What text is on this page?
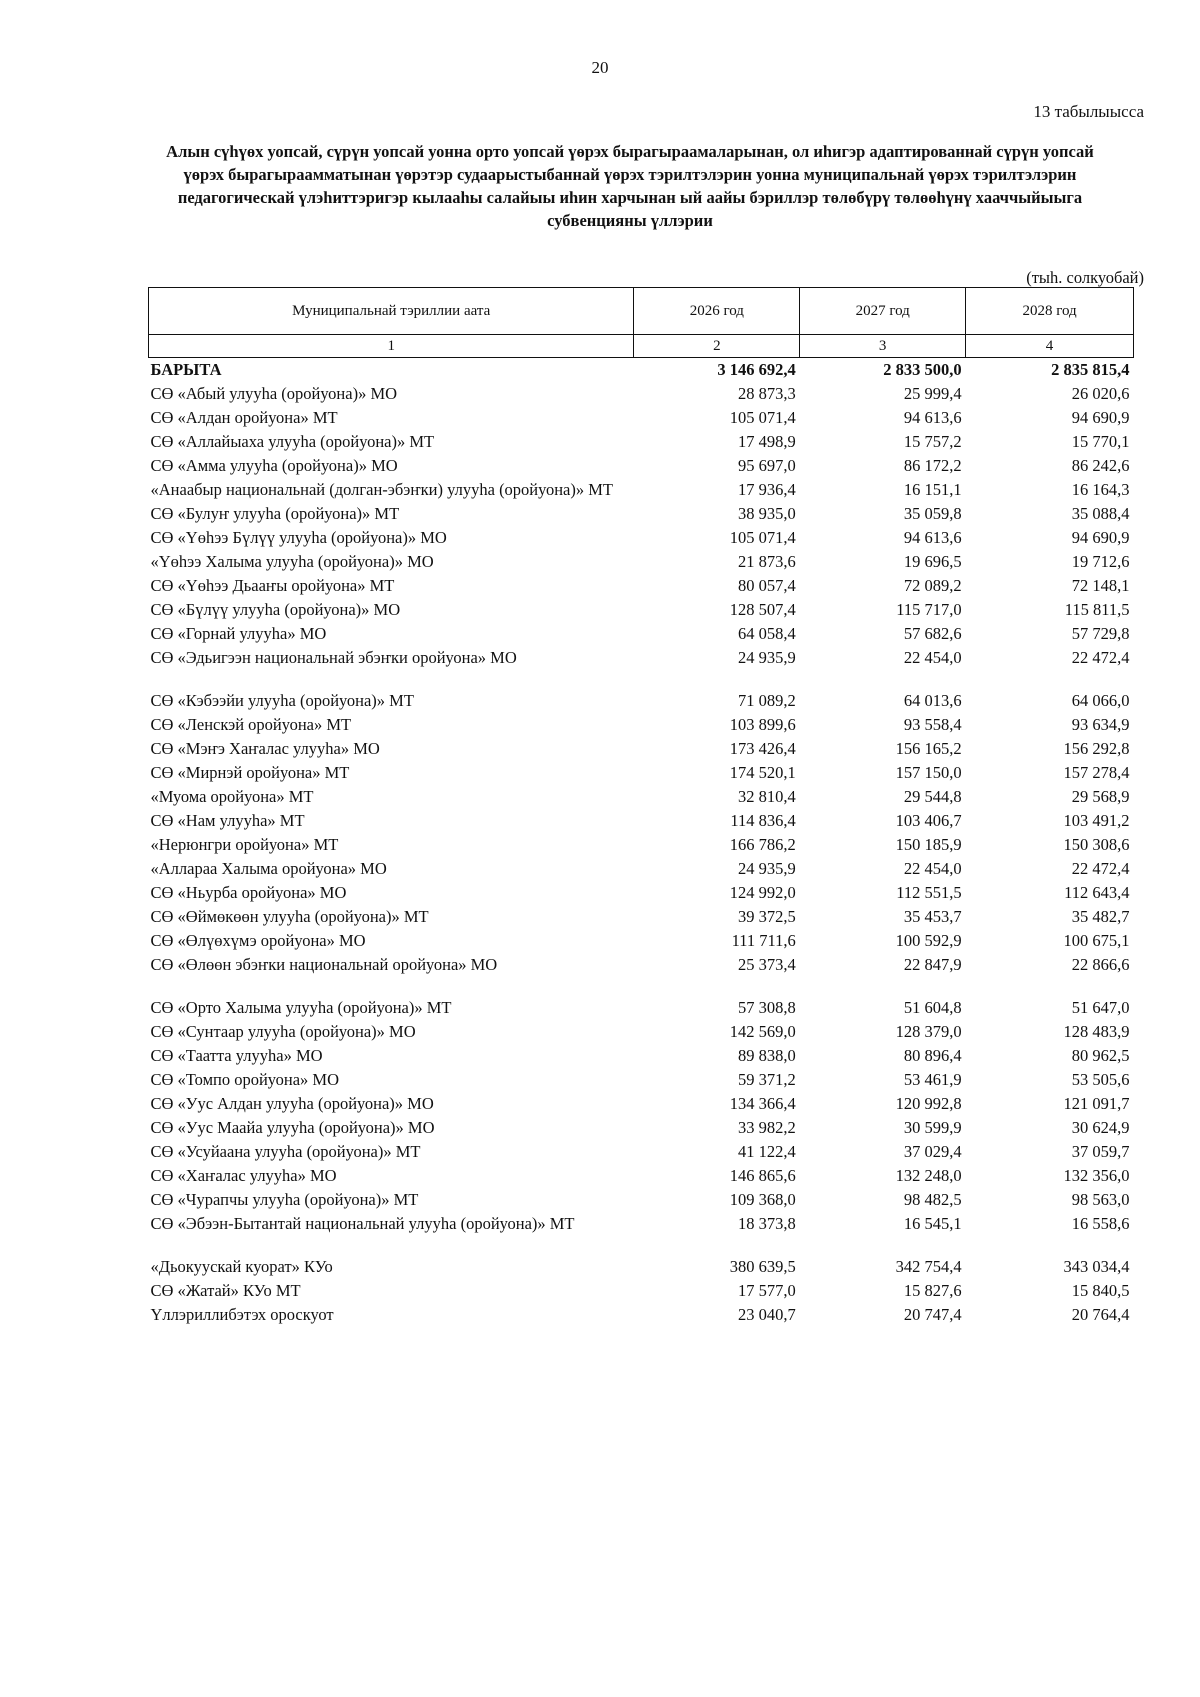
20
13 табылыысса
Алын сүһүөх уопсай, сүрүн уопсай уонна орто уопсай үөрэх бырагыраамаларынан, ол иһигэр адаптированнай сүрүн уопсай үөрэх бырагыраамматынан үөрэтэр судаарыстыбаннай үөрэх тэрилтэлэрин уонна муниципальнай үөрэх тэрилтэлэрин педагогическай үлэһиттэригэр кылааһы салайыы иһин харчынан ый аайы бэриллэр төлөбүрү төлөөһүнү хааччыйыыга субвенцияны үллэрии
(тыһ. солкуобай)
Муниципальнай тэриллии аата	2026 год	2027 год	2028 год
1	2	3	4
БАРЫТА	3 146 692,4	2 833 500,0	2 835 815,4
СӨ «Абый улууһа (оройуона)» МО	28 873,3	25 999,4	26 020,6
СӨ «Алдан оройуона» МТ	105 071,4	94 613,6	94 690,9
СӨ «Аллайыаха улууһа (оройуона)» МТ	17 498,9	15 757,2	15 770,1
СӨ «Амма улууһа (оройуона)» МО	95 697,0	86 172,2	86 242,6
«Анаабыр национальнай (долган-эбэҥки) улууһа (оройуона)» МТ	17 936,4	16 151,1	16 164,3
СӨ «Булуҥ улууһа (оройуона)» МТ	38 935,0	35 059,8	35 088,4
СӨ «Үөһээ Бүлүү улууһа (оройуона)» МО	105 071,4	94 613,6	94 690,9
«Үөһээ Халыма улууһа (оройуона)» МО	21 873,6	19 696,5	19 712,6
СӨ «Үөһээ Дьааҥы оройуона» МТ	80 057,4	72 089,2	72 148,1
СӨ «Бүлүү улууһа (оройуона)» МО	128 507,4	115 717,0	115 811,5
СӨ «Горнай улууһа» МО	64 058,4	57 682,6	57 729,8
СӨ «Эдьигээн национальнай эбэҥки оройуона» МО	24 935,9	22 454,0	22 472,4
СӨ «Кэбээйи улууһа (оройуона)» МТ	71 089,2	64 013,6	64 066,0
СӨ «Ленскэй оройуона» МТ	103 899,6	93 558,4	93 634,9
СӨ «Мэҥэ Хаҥалас улууһа» МО	173 426,4	156 165,2	156 292,8
СӨ «Мирнэй оройуона» МТ	174 520,1	157 150,0	157 278,4
«Муома оройуона» МТ	32 810,4	29 544,8	29 568,9
СӨ «Нам улууһа» МТ	114 836,4	103 406,7	103 491,2
«Нерюнгри оройуона» МТ	166 786,2	150 185,9	150 308,6
«Аллараа Халыма оройуона» МО	24 935,9	22 454,0	22 472,4
СӨ «Ньурба оройуона» МО	124 992,0	112 551,5	112 643,4
СӨ «Өймөкөөн улууһа (оройуона)» МТ	39 372,5	35 453,7	35 482,7
СӨ «Өлүөхүмэ оройуона» МО	111 711,6	100 592,9	100 675,1
СӨ «Өлөөн эбэҥки национальнай оройуона» МО	25 373,4	22 847,9	22 866,6
СӨ «Орто Халыма улууһа (оройуона)» МТ	57 308,8	51 604,8	51 647,0
СӨ «Сунтаар улууһа (оройуона)» МО	142 569,0	128 379,0	128 483,9
СӨ «Таатта улууһа» МО	89 838,0	80 896,4	80 962,5
СӨ «Томпо оройуона» МО	59 371,2	53 461,9	53 505,6
СӨ «Уус Алдан улууһа (оройуона)» МО	134 366,4	120 992,8	121 091,7
СӨ «Уус Маайа улууһа (оройуона)» МО	33 982,2	30 599,9	30 624,9
СӨ «Усуйаана улууһа (оройуона)» МТ	41 122,4	37 029,4	37 059,7
СӨ «Хаҥалас улууһа» МО	146 865,6	132 248,0	132 356,0
СӨ «Чурапчы улууһа (оройуона)» МТ	109 368,0	98 482,5	98 563,0
СӨ «Эбээн-Бытантай национальнай улууһа (оройуона)» МТ	18 373,8	16 545,1	16 558,6
«Дьокуускай куорат» КУо	380 639,5	342 754,4	343 034,4
СӨ «Жатай» КУо МТ	17 577,0	15 827,6	15 840,5
Үллэриллибэтэх ороскуот	23 040,7	20 747,4	20 764,4
